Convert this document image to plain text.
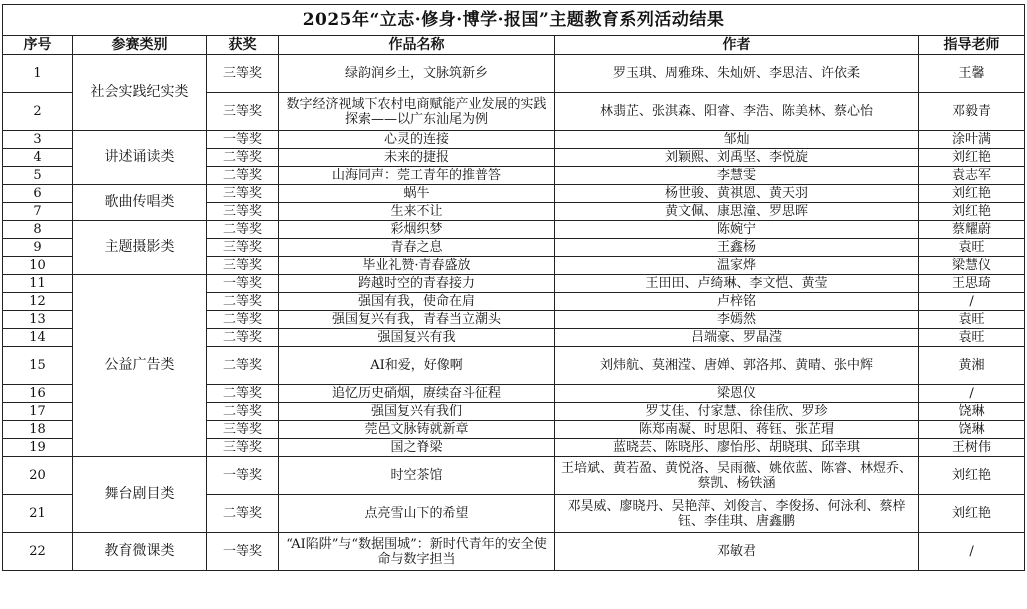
2025年“立志·修身·博学·报国”主题教育系列活动结果					
序号	参赛类别	获奖	作品名称	作者	指导老师
1	社会实践纪实类	三等奖	绿韵润乡土，文脉筑新乡	罗玉琪、周雅珠、朱灿妍、李思洁、许依柔	王馨
2		三等奖	数字经济视域下农村电商赋能产业发展的实践探索——以广东汕尾为例	林翡芷、张淇森、阳睿、李浩、陈美林、蔡心怡	邓毅青
3	讲述诵读类	一等奖	心灵的连接	邹灿	涂叶满
4		二等奖	未来的捷报	刘颖熙、刘禹坚、李悦旋	刘红艳
5		二等奖	山海同声：莞工青年的推普答	李慧雯	袁志军
6	歌曲传唱类	三等奖	蜗牛	杨世骏、黄祺恩、黄天羽	刘红艳
7		三等奖	生来不让	黄文佩、康思潼、罗思晖	刘红艳
8	主题摄影类	二等奖	彩烟织梦	陈婉宁	蔡耀蔚
9		三等奖	青春之息	王鑫杨	袁旺
10		三等奖	毕业礼赞·青春盛放	温家烨	梁慧仪
11	公益广告类	一等奖	跨越时空的青春接力	王田田、卢绮琳、李文恺、黄莹	王思琦
12		二等奖	强国有我，使命在肩	卢梓铭	/
13		二等奖	强国复兴有我，青春当立潮头	李嫣然	袁旺
14		二等奖	强国复兴有我	吕端豪、罗晶滢	袁旺
15		二等奖	AI和爱，好像啊	刘炜航、莫湘滢、唐婵、郭洛邦、黄晴、张中辉	黄湘
16		二等奖	追忆历史硝烟，赓续奋斗征程	梁恩仪	/
17		二等奖	强国复兴有我们	罗艾佳、付家慧、徐佳欣、罗珍	饶琳
18		三等奖	莞邑文脉铸就新章	陈郑南凝、时思阳、蒋钰、张芷瑁	饶琳
19		三等奖	国之脊梁	蓝晓芸、陈晓彤、廖怡彤、胡晓琪、邱幸琪	王树伟
20	舞台剧目类	一等奖	时空茶馆	王培斌、黄若盈、黄悦洛、吴雨薇、姚依蓝、陈睿、林煜乔、蔡凯、杨铁涵	刘红艳
21		二等奖	点亮雪山下的希望	邓昊威、廖晓丹、吴艳萍、刘俊言、李俊扬、何泳利、蔡梓钰、李佳琪、唐鑫鹏	刘红艳
22	教育微课类	一等奖	“AI陷阱”与“数据围城”：新时代青年的安全使命与数字担当	邓敏君	/
